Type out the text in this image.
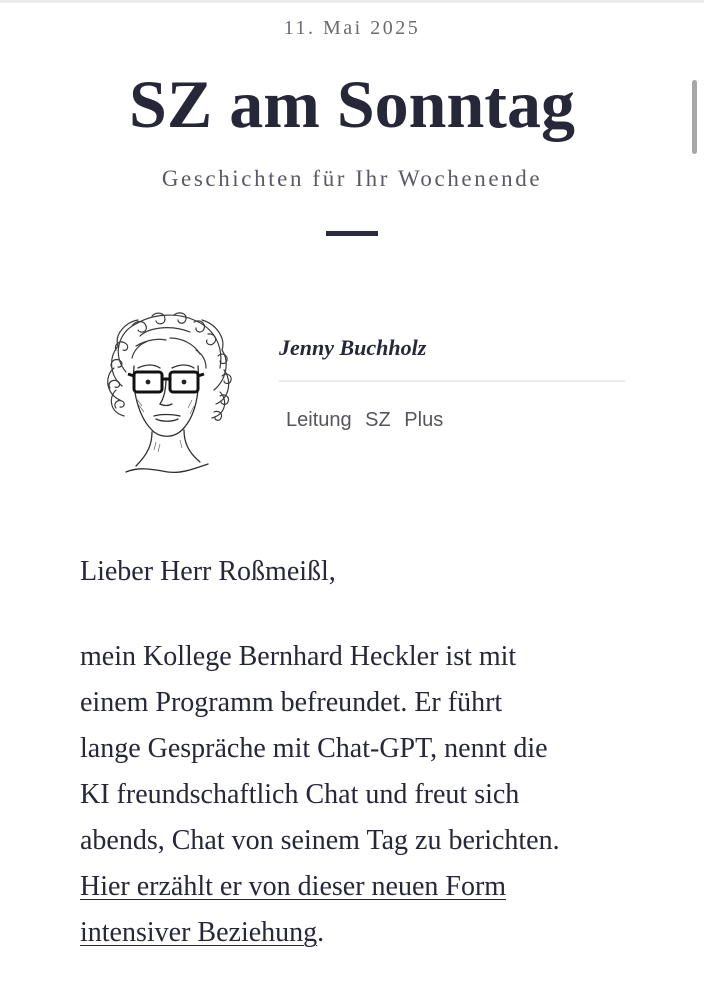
11. Mai 2025
SZ am Sonntag
Geschichten für Ihr Wochenende
Jenny Buchholz
Leitung SZ Plus
Lieber Herr Roßmeißl,
mein Kollege Bernhard Heckler ist mit
einem Programm befreundet. Er führt
lange Gespräche mit Chat-GPT, nennt die
KI freundschaftlich Chat und freut sich
abends, Chat von seinem Tag zu berichten.
Hier erzählt er von dieser neuen Form
intensiver Beziehung.
